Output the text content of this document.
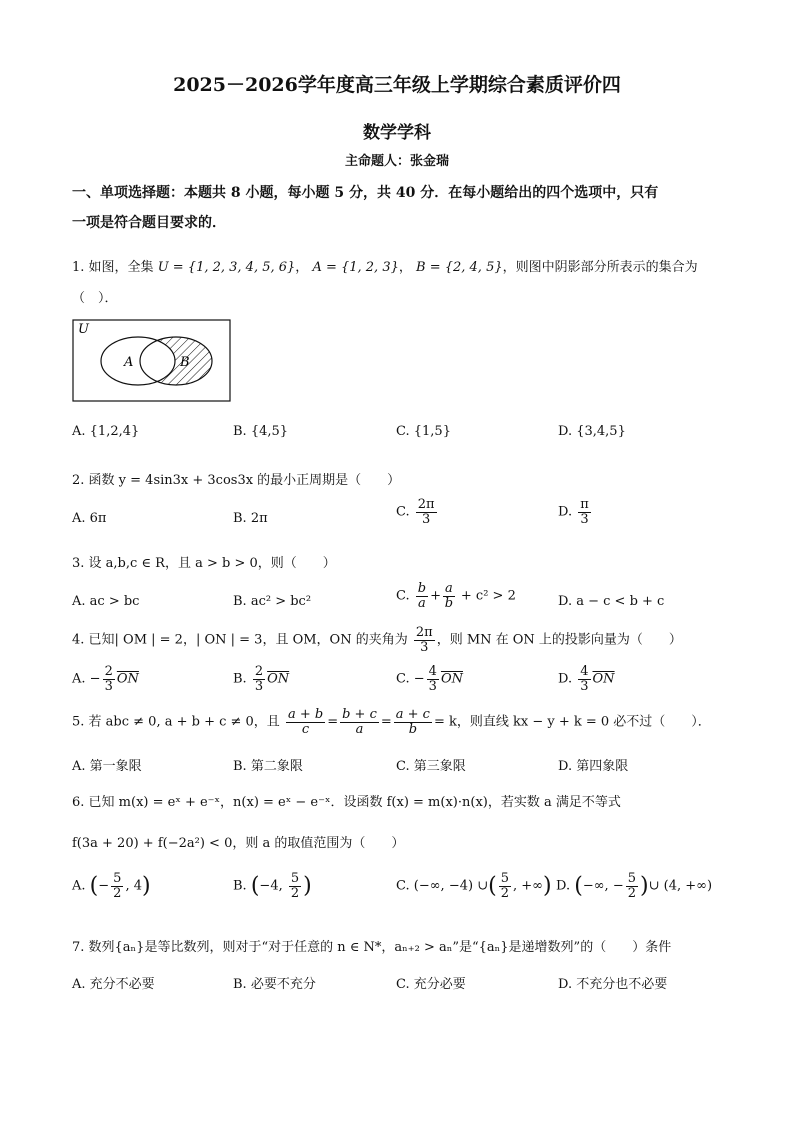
2025－2026学年度高三年级上学期综合素质评价四
数学学科
主命题人：张金瑞
一、单项选择题：本题共 8 小题，每小题 5 分，共 40 分．在每小题给出的四个选项中，只有
一项是符合题目要求的．
1. 如图，全集 U = {1, 2, 3, 4, 5, 6}， A = {1, 2, 3}， B = {2, 4, 5}，则图中阴影部分所表示的集合为
（　）．
U
A	B
A. {1,2,4}	B. {4,5}	C. {1,5}	D. {3,4,5}
2. 函数 y = 4sin3x + 3cos3x 的最小正周期是（　　）
A. 6π	B. 2π	C. $\frac{2\pi}{3}$	D. $\frac{\pi}{3}$
3. 设 a,b,c ∈ R，且 a > b > 0，则（　　）
A. ac > bc	B. ac² > bc²	C. $\frac{b}{a} + \frac{a}{b} + c^2 > 2$	D. a − c < b + c
4. 已知| OM | = 2，| ON | = 3，且 OM，ON 的夹角为 $\frac{2\pi}{3}$ ，则 MN 在 ON 上的投影向量为（　　）
A. − $\frac{2}{3} \overline{ON}$	B. $\frac{2}{3} \overline{ON}$	C. − $\frac{4}{3} \overline{ON}$	D. $\frac{4}{3} \overline{ON}$
5. 若 abc ≠ 0, a + b + c ≠ 0，且 $\frac{a + b}{c} = \frac{b + c}{a} = \frac{a + c}{b} = k$，则直线 kx − y + k = 0 必不过（　　）．
A. 第一象限	B. 第二象限	C. 第三象限	D. 第四象限
6. 已知 m(x) = eˣ + e⁻ˣ，n(x) = eˣ − e⁻ˣ．设函数 f(x) = m(x)·n(x)，若实数 a 满足不等式
f(3a + 20) + f(−2a²) < 0，则 a 的取值范围为（　　）
A. (− $\frac{5}{2}$ , 4)	B. (−4, $\frac{5}{2}$ )	C. (−∞, −4) ∪( $\frac{5}{2}$ , +∞) D. (−∞, − $\frac{5}{2}$ )∪ (4, +∞)
7. 数列{aₙ}是等比数列，则对于“对于任意的 n ∈ N*，aₙ₊₂ > aₙ”是“{aₙ}是递增数列”的（　　）条件
A. 充分不必要	B. 必要不充分	C. 充分必要	D. 不充分也不必要
